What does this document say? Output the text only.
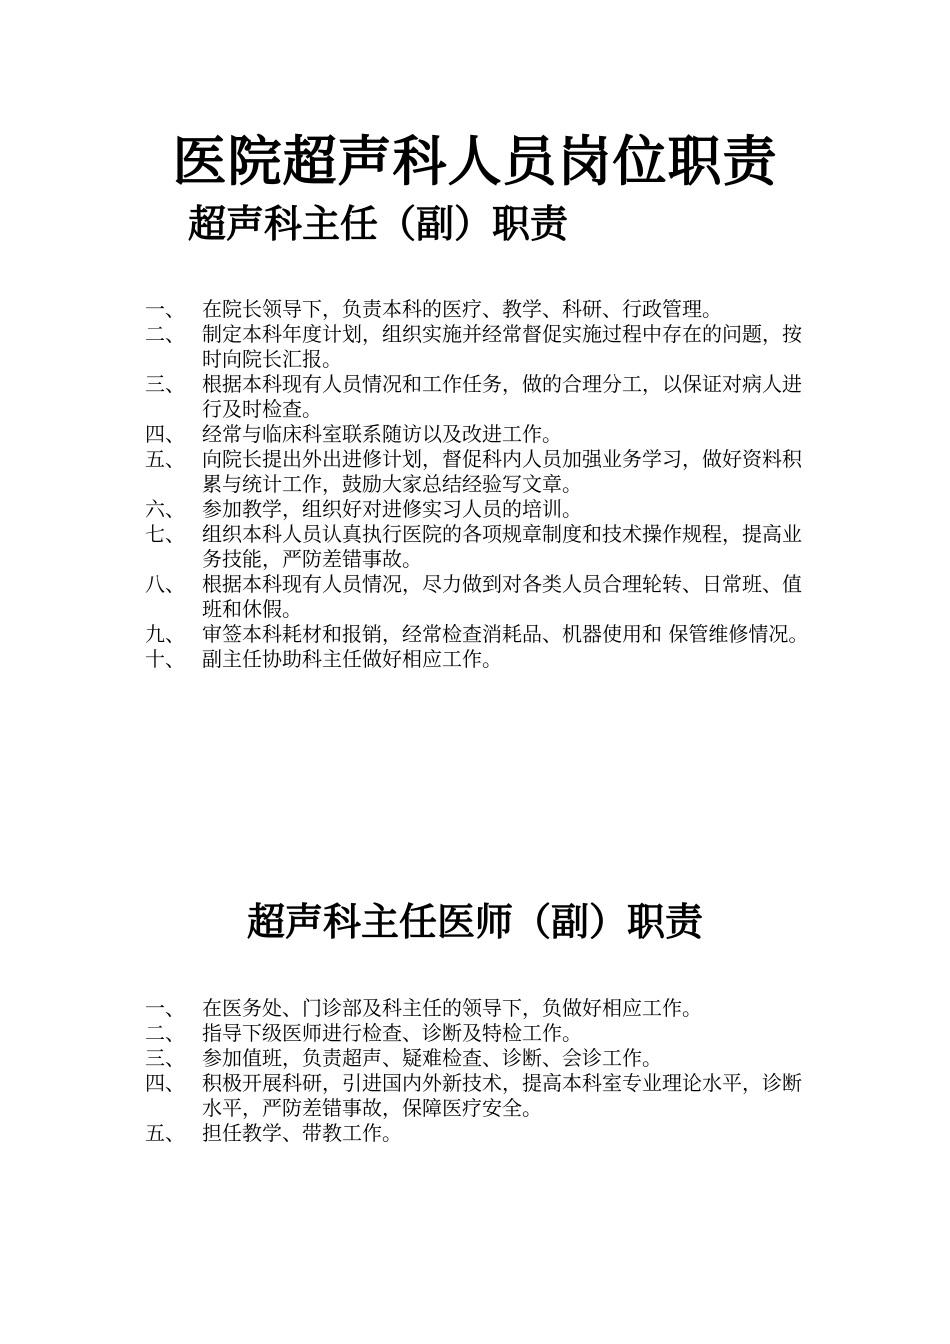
医院超声科人员岗位职责
超声科主任（副）职责
一、 在院长领导下，负责本科的医疗、教学、科研、行政管理。
二、 制定本科年度计划，组织实施并经常督促实施过程中存在的问题，按时向院长汇报。
三、 根据本科现有人员情况和工作任务，做的合理分工，以保证对病人进行及时检查。
四、 经常与临床科室联系随访以及改进工作。
五、 向院长提出外出进修计划，督促科内人员加强业务学习，做好资料积累与统计工作，鼓励大家总结经验写文章。
六、 参加教学，组织好对进修实习人员的培训。
七、 组织本科人员认真执行医院的各项规章制度和技术操作规程，提高业务技能，严防差错事故。
八、 根据本科现有人员情况，尽力做到对各类人员合理轮转、日常班、值班和休假。
九、 审签本科耗材和报销，经常检查消耗品、机器使用和 保管维修情况。
十、 副主任协助科主任做好相应工作。
超声科主任医师（副）职责
一、 在医务处、门诊部及科主任的领导下，负做好相应工作。
二、 指导下级医师进行检查、诊断及特检工作。
三、 参加值班，负责超声、疑难检查、诊断、会诊工作。
四、 积极开展科研，引进国内外新技术，提高本科室专业理论水平，诊断水平，严防差错事故，保障医疗安全。
五、 担任教学、带教工作。
